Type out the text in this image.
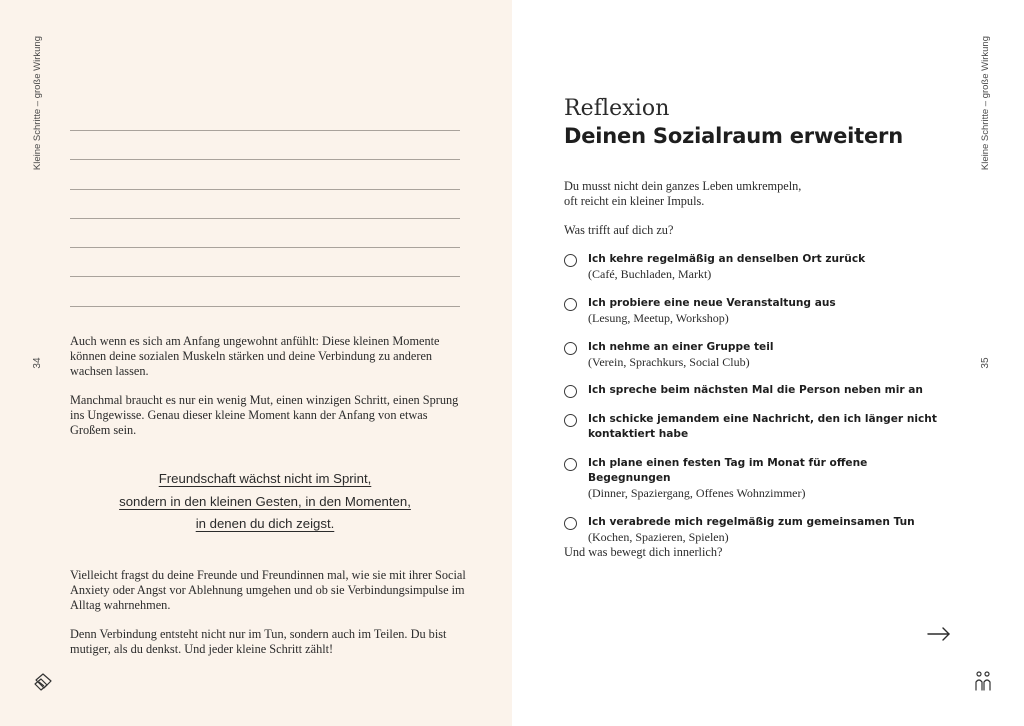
Kleine Schritte – große Wirkung
34

Auch wenn es sich am Anfang ungewohnt anfühlt: Diese kleinen Momente können deine sozialen Muskeln stärken und deine Verbindung zu anderen wachsen lassen.

Manchmal braucht es nur ein wenig Mut, einen winzigen Schritt, einen Sprung ins Ungewisse. Genau dieser kleine Moment kann der Anfang von etwas Großem sein.

Freundschaft wächst nicht im Sprint,
sondern in den kleinen Gesten, in den Momenten,
in denen du dich zeigst.

Vielleicht fragst du deine Freunde und Freundinnen mal, wie sie mit ihrer Social Anxiety oder Angst vor Ablehnung umgehen und ob sie Verbindungsimpulse im Alltag wahrnehmen.

Denn Verbindung entsteht nicht nur im Tun, sondern auch im Teilen. Du bist mutiger, als du denkst. Und jeder kleine Schritt zählt!

Kleine Schritte – große Wirkung
35
Reflexion
Deinen Sozialraum erweitern
Du musst nicht dein ganzes Leben umkrempeln,
oft reicht ein kleiner Impuls.
Was trifft auf dich zu?
Ich kehre regelmäßig an denselben Ort zurück
(Café, Buchladen, Markt)
Ich probiere eine neue Veranstaltung aus
(Lesung, Meetup, Workshop)
Ich nehme an einer Gruppe teil
(Verein, Sprachkurs, Social Club)
Ich spreche beim nächsten Mal die Person neben mir an
Ich schicke jemandem eine Nachricht, den ich länger nicht kontaktiert habe
Ich plane einen festen Tag im Monat für offene Begegnungen
(Dinner, Spaziergang, Offenes Wohnzimmer)
Ich verabrede mich regelmäßig zum gemeinsamen Tun
(Kochen, Spazieren, Spielen)
Und was bewegt dich innerlich?
